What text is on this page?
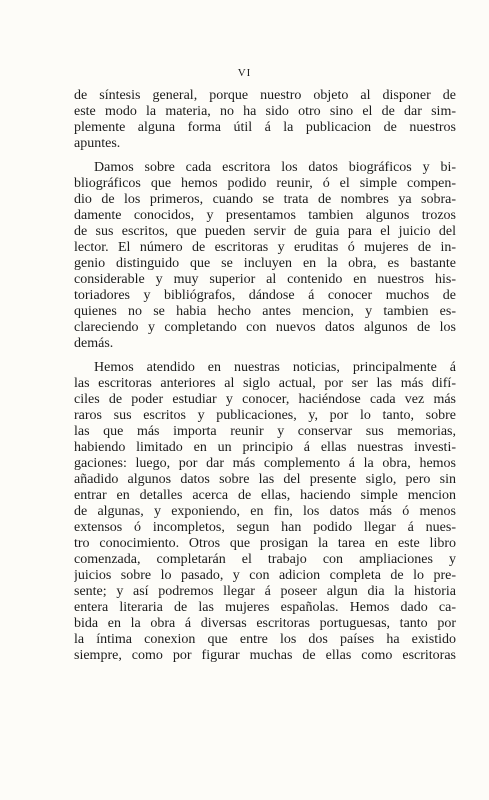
VI
de síntesis general, porque nuestro objeto al disponer de
este modo la materia, no ha sido otro sino el de dar sim-
plemente alguna forma útil á la publicacion de nuestros
apuntes.
Damos sobre cada escritora los datos biográficos y bi-
bliográficos que hemos podido reunir, ó el simple compen-
dio de los primeros, cuando se trata de nombres ya sobra-
damente conocidos, y presentamos tambien algunos trozos
de sus escritos, que pueden servir de guia para el juicio del
lector. El número de escritoras y eruditas ó mujeres de in-
genio distinguido que se incluyen en la obra, es bastante
considerable y muy superior al contenido en nuestros his-
toriadores y bibliógrafos, dándose á conocer muchos de
quienes no se habia hecho antes mencion, y tambien es-
clareciendo y completando con nuevos datos algunos de los
demás.
Hemos atendido en nuestras noticias, principalmente á
las escritoras anteriores al siglo actual, por ser las más difí-
ciles de poder estudiar y conocer, haciéndose cada vez más
raros sus escritos y publicaciones, y, por lo tanto, sobre
las que más importa reunir y conservar sus memorias,
habiendo limitado en un principio á ellas nuestras investi-
gaciones: luego, por dar más complemento á la obra, hemos
añadido algunos datos sobre las del presente siglo, pero sin
entrar en detalles acerca de ellas, haciendo simple mencion
de algunas, y exponiendo, en fin, los datos más ó menos
extensos ó incompletos, segun han podido llegar á nues-
tro conocimiento. Otros que prosigan la tarea en este libro
comenzada, completarán el trabajo con ampliaciones y
juicios sobre lo pasado, y con adicion completa de lo pre-
sente; y así podremos llegar á poseer algun dia la historia
entera literaria de las mujeres españolas. Hemos dado ca-
bida en la obra á diversas escritoras portuguesas, tanto por
la íntima conexion que entre los dos países ha existido
siempre, como por figurar muchas de ellas como escritoras
